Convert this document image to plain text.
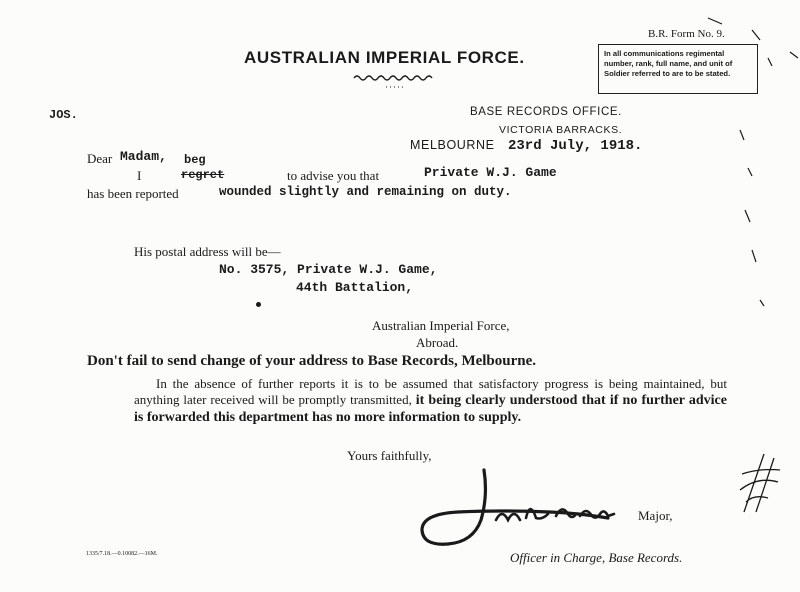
B.R. Form No. 9.
AUSTRALIAN IMPERIAL FORCE.	In all communications regimental number, rank, full name, and unit of Soldier referred to are to be stated.
JOS.	BASE RECORDS OFFICE.
VICTORIA BARRACKS.
MELBOURNE 23rd July, 1918.
Dear Madam, beg
I	regret	to advise you that	Private W.J. Game
has been reported	wounded slightly and remaining on duty.
His postal address will be—
No. 3575, Private W.J. Game,
44th Battalion,
Australian Imperial Force,
Abroad.
Don't fail to send change of your address to Base Records, Melbourne.
In the absence of further reports it is to be assumed that satisfactory progress is being maintained, but anything later received will be promptly transmitted, it being clearly understood that if no further advice is forwarded this department has no more information to supply.
Yours faithfully,
Major,
Officer in Charge, Base Records.
1335/7.18.—0.10082.—16M.
